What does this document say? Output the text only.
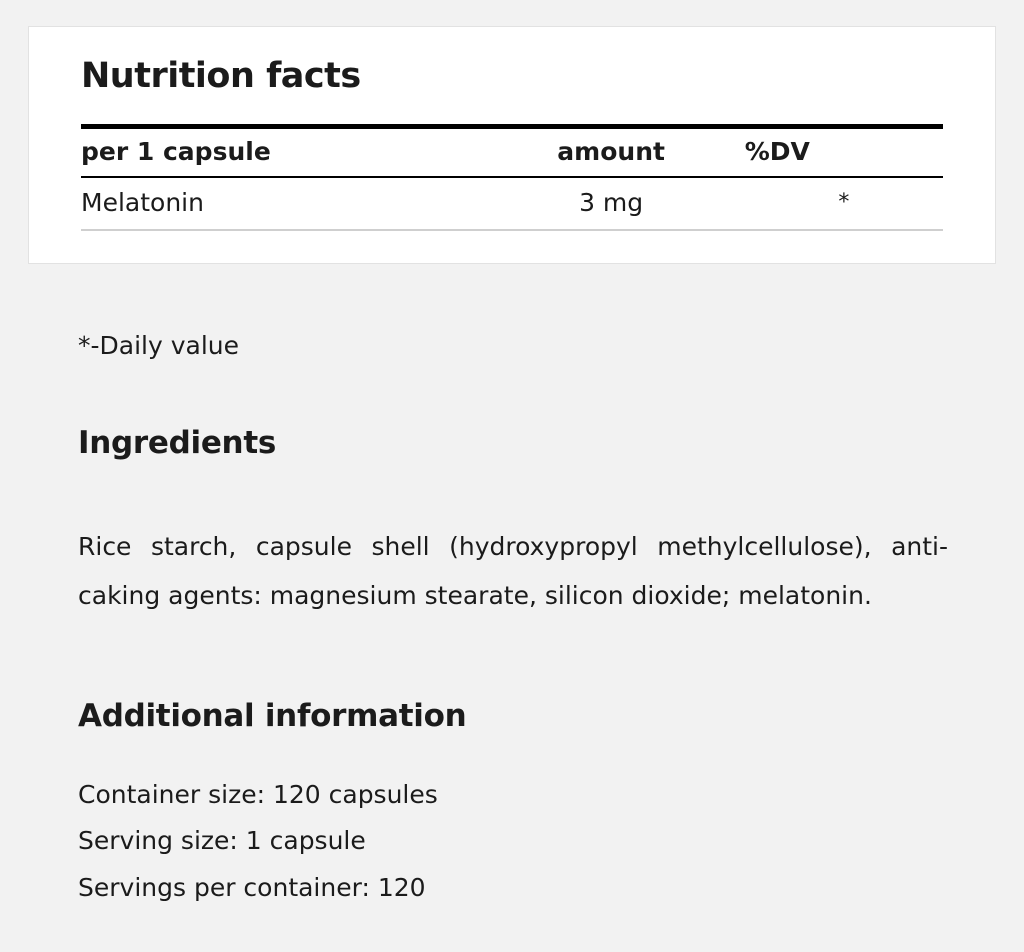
Nutrition facts
per 1 capsule	amount	%DV
Melatonin	3 mg	*
*-Daily value
Ingredients

Rice starch, capsule shell (hydroxypropyl methylcellulose), anti-caking agents: magnesium stearate, silicon dioxide; melatonin.

Additional information
Container size: 120 capsules
Serving size: 1 capsule
Servings per container: 120
